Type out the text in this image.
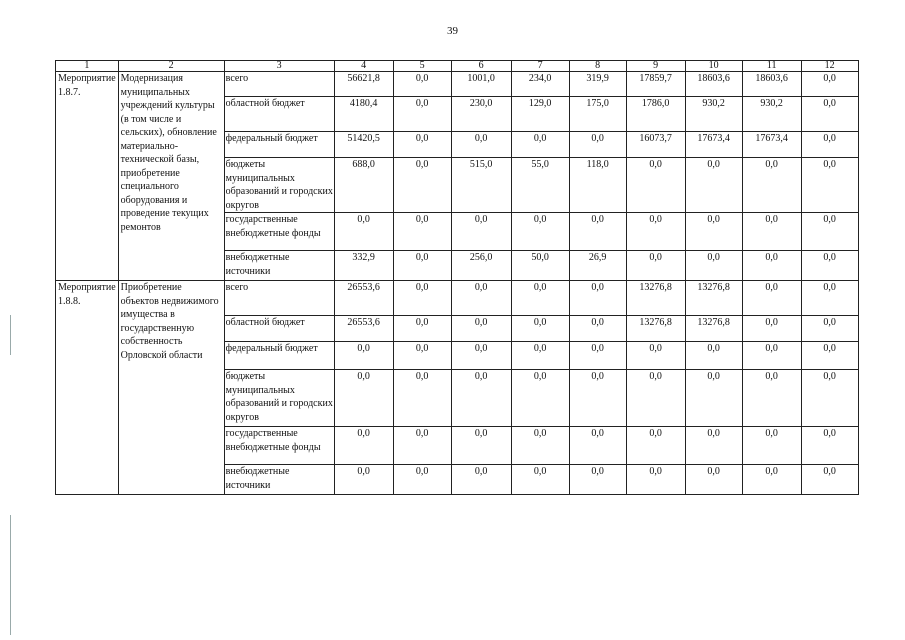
39
1	2	3	4	5	6	7	8	9	10	11	12
Мероприятие 1.8.7.	Модернизация муниципальных учреждений культуры (в том числе и сельских), обновление материально-технической базы, приобретение специального оборудования и проведение текущих ремонтов	всего	56621,8	0,0	1001,0	234,0	319,9	17859,7	18603,6	18603,6	0,0
		областной бюджет	4180,4	0,0	230,0	129,0	175,0	1786,0	930,2	930,2	0,0
		федеральный бюджет	51420,5	0,0	0,0	0,0	0,0	16073,7	17673,4	17673,4	0,0
		бюджеты муниципальных образований и городских округов	688,0	0,0	515,0	55,0	118,0	0,0	0,0	0,0	0,0
		государственные внебюджетные фонды	0,0	0,0	0,0	0,0	0,0	0,0	0,0	0,0	0,0
		внебюджетные источники	332,9	0,0	256,0	50,0	26,9	0,0	0,0	0,0	0,0
Мероприятие 1.8.8.	Приобретение объектов недвижимого имущества в государственную собственность Орловской области	всего	26553,6	0,0	0,0	0,0	0,0	13276,8	13276,8	0,0	0,0
		областной бюджет	26553,6	0,0	0,0	0,0	0,0	13276,8	13276,8	0,0	0,0
		федеральный бюджет	0,0	0,0	0,0	0,0	0,0	0,0	0,0	0,0	0,0
		бюджеты муниципальных образований и городских округов	0,0	0,0	0,0	0,0	0,0	0,0	0,0	0,0	0,0
		государственные внебюджетные фонды	0,0	0,0	0,0	0,0	0,0	0,0	0,0	0,0	0,0
		внебюджетные источники	0,0	0,0	0,0	0,0	0,0	0,0	0,0	0,0	0,0
